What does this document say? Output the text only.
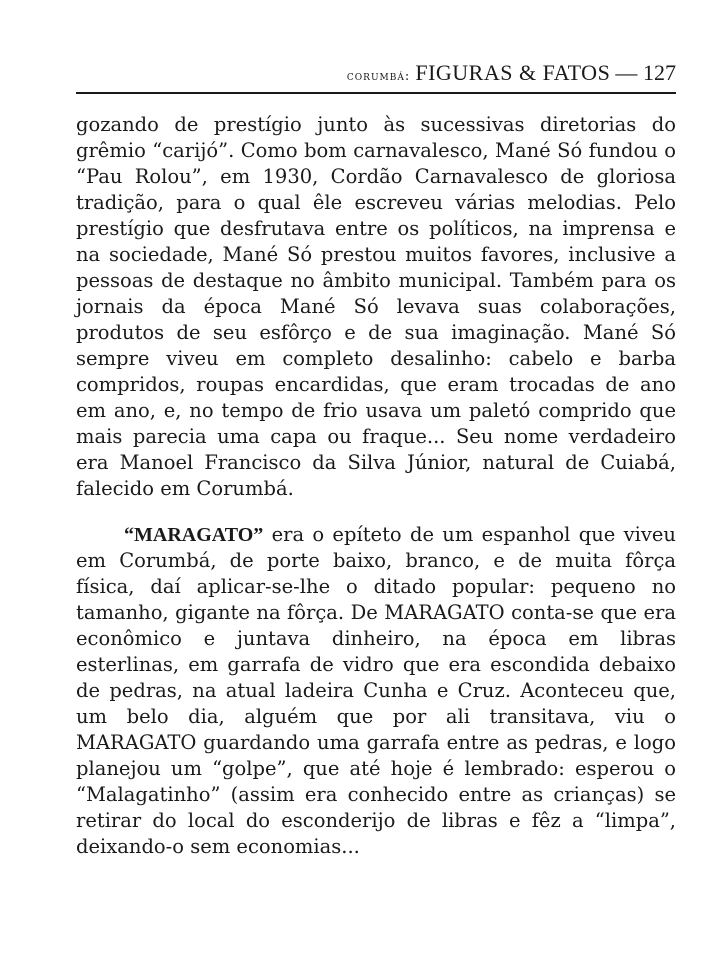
corumbá: FIGURAS & FATOS — 127

gozando de prestígio junto às sucessivas diretorias do grêmio “carijó”. Como bom carnavalesco, Mané Só fundou o “Pau Rolou”, em 1930, Cordão Carnavalesco de gloriosa tradição, para o qual êle escreveu várias melodias. Pelo prestígio que desfrutava entre os políticos, na imprensa e na sociedade, Mané Só prestou muitos favores, inclusive a pessoas de destaque no âmbito municipal. Também para os jornais da época Mané Só levava suas colaborações, produtos de seu esfôrço e de sua imaginação. Mané Só sempre viveu em completo desalinho: cabelo e barba compridos, roupas encardidas, que eram trocadas de ano em ano, e, no tempo de frio usava um paletó comprido que mais parecia uma capa ou fraque... Seu nome verdadeiro era Manoel Francisco da Silva Júnior, natural de Cuiabá, falecido em Corumbá.

“MARAGATO” era o epíteto de um espanhol que viveu em Corumbá, de porte baixo, branco, e de muita fôrça física, daí aplicar-se-lhe o ditado popular: pequeno no tamanho, gigante na fôrça. De MARAGATO conta-se que era econômico e juntava dinheiro, na época em libras esterlinas, em garrafa de vidro que era escondida debaixo de pedras, na atual ladeira Cunha e Cruz. Aconteceu que, um belo dia, alguém que por ali transitava, viu o MARAGATO guardando uma garrafa entre as pedras, e logo planejou um “golpe”, que até hoje é lembrado: esperou o “Malagatinho” (assim era conhecido entre as crianças) se retirar do local do esconderijo de libras e fêz a “limpa”, deixando-o sem economias...
